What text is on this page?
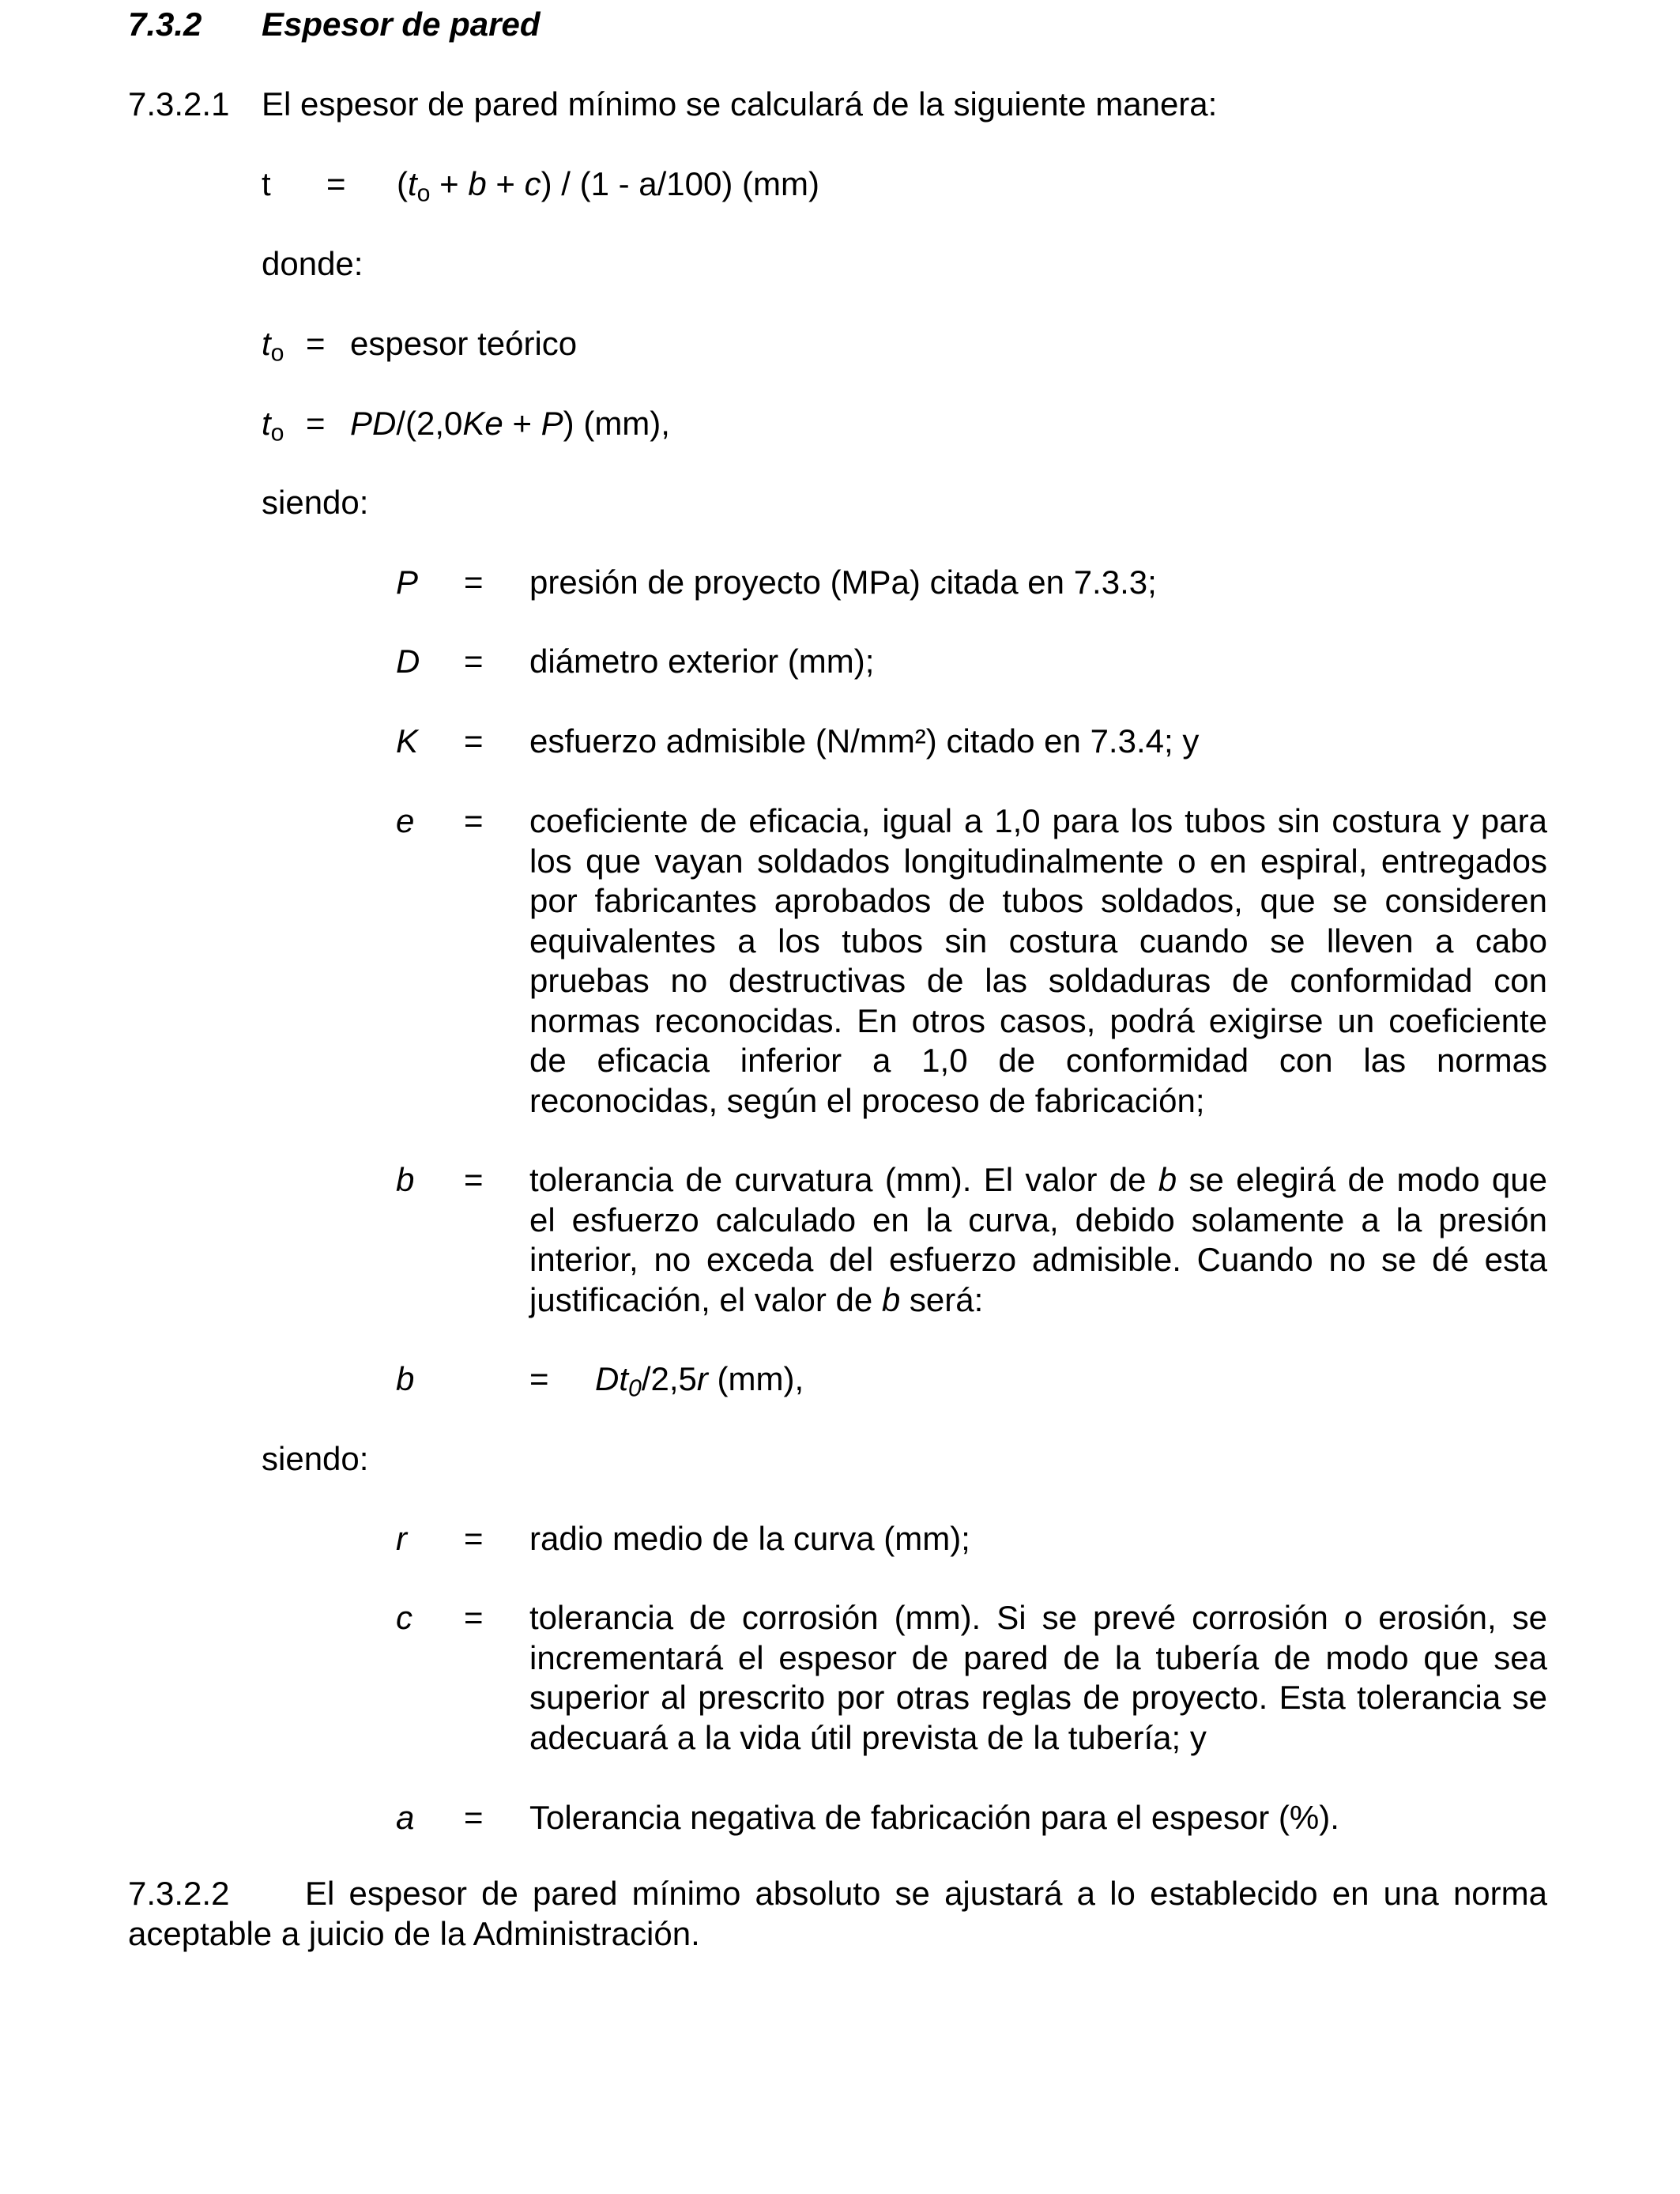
7.3.2 Espesor de pared
7.3.2.1 El espesor de pared mínimo se calculará de la siguiente manera:
$t = (t_o + b + c) / (1 - a/100)$ (mm)
donde:
$t_o$ = espesor teórico
$t_o = PD/(2,0Ke + P)$ (mm),
siendo:
P = presión de proyecto (MPa) citada en 7.3.3;
D = diámetro exterior (mm);
K = esfuerzo admisible (N/mm²) citado en 7.3.4; y
e = coeficiente de eficacia, igual a 1,0 para los tubos sin costura y para los que vayan soldados longitudinalmente o en espiral, entregados por fabricantes aprobados de tubos soldados, que se consideren equivalentes a los tubos sin costura cuando se lleven a cabo pruebas no destructivas de las soldaduras de conformidad con normas reconocidas. En otros casos, podrá exigirse un coeficiente de eficacia inferior a 1,0 de conformidad con las normas reconocidas, según el proceso de fabricación;

b = tolerancia de curvatura (mm). El valor de b se elegirá de modo que el esfuerzo calculado en la curva, debido solamente a la presión interior, no exceda del esfuerzo admisible. Cuando no se dé esta justificación, el valor de b será:

b	= $Dt_0/2,5r$ (mm),
siendo:
r = radio medio de la curva (mm);
c = tolerancia de corrosión (mm). Si se prevé corrosión o erosión, se incrementará el espesor de pared de la tubería de modo que sea superior al prescrito por otras reglas de proyecto. Esta tolerancia se adecuará a la vida útil prevista de la tubería; y

a = Tolerancia negativa de fabricación para el espesor (%).

7.3.2.2 El espesor de pared mínimo absoluto se ajustará a lo establecido en una norma aceptable a juicio de la Administración.
